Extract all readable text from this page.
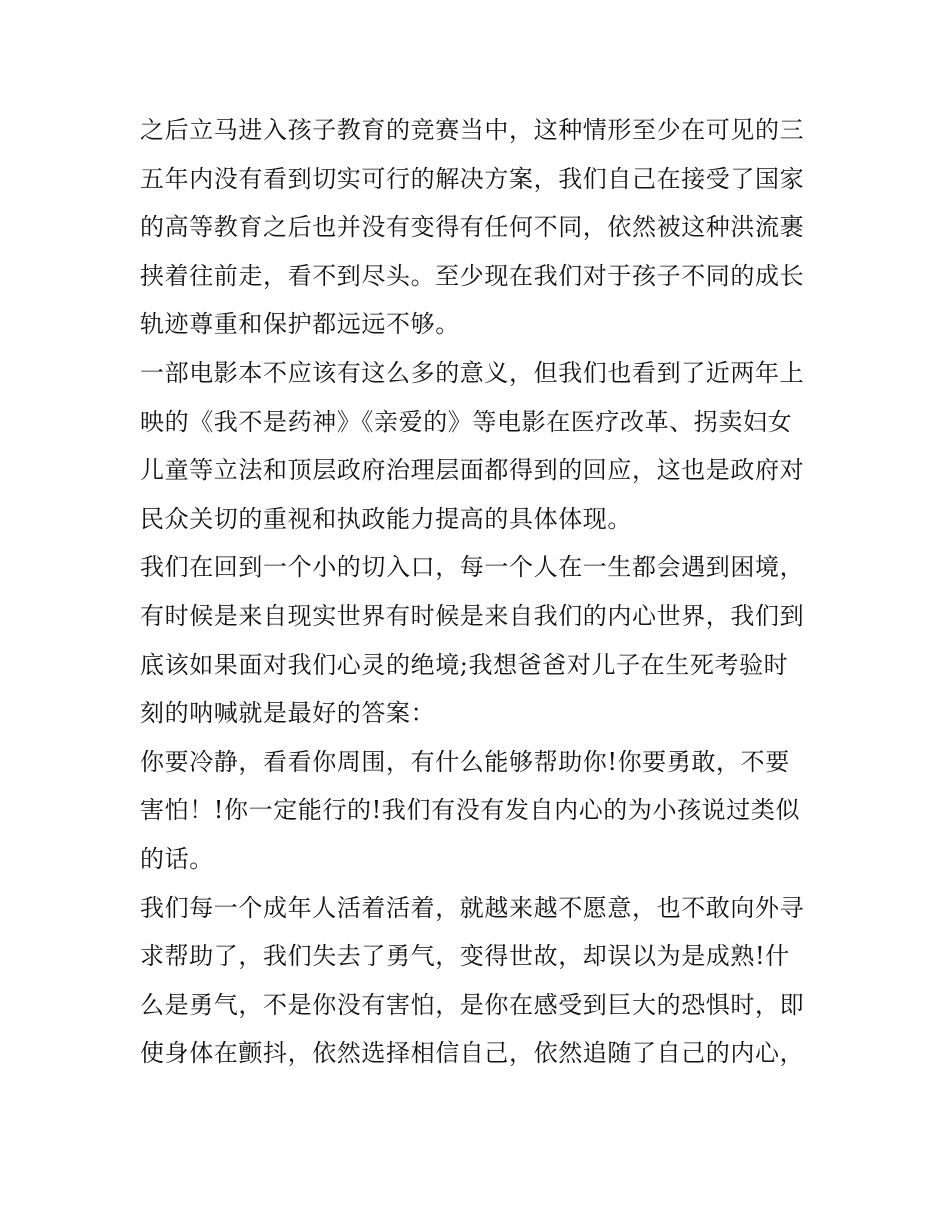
之后立马进入孩子教育的竞赛当中，这种情形至少在可见的三
五年内没有看到切实可行的解决方案，我们自己在接受了国家
的高等教育之后也并没有变得有任何不同，依然被这种洪流裹
挟着往前走，看不到尽头。至少现在我们对于孩子不同的成长
轨迹尊重和保护都远远不够。
一部电影本不应该有这么多的意义，但我们也看到了近两年上
映的《我不是药神》《亲爱的》等电影在医疗改革、拐卖妇女
儿童等立法和顶层政府治理层面都得到的回应，这也是政府对
民众关切的重视和执政能力提高的具体体现。
我们在回到一个小的切入口，每一个人在一生都会遇到困境，
有时候是来自现实世界有时候是来自我们的内心世界，我们到
底该如果面对我们心灵的绝境;我想爸爸对儿子在生死考验时
刻的呐喊就是最好的答案：
你要冷静，看看你周围，有什么能够帮助你!你要勇敢，不要
害怕！!你一定能行的!我们有没有发自内心的为小孩说过类似
的话。
我们每一个成年人活着活着，就越来越不愿意，也不敢向外寻
求帮助了，我们失去了勇气，变得世故，却误以为是成熟!什
么是勇气，不是你没有害怕，是你在感受到巨大的恐惧时，即
使身体在颤抖，依然选择相信自己，依然追随了自己的内心，
